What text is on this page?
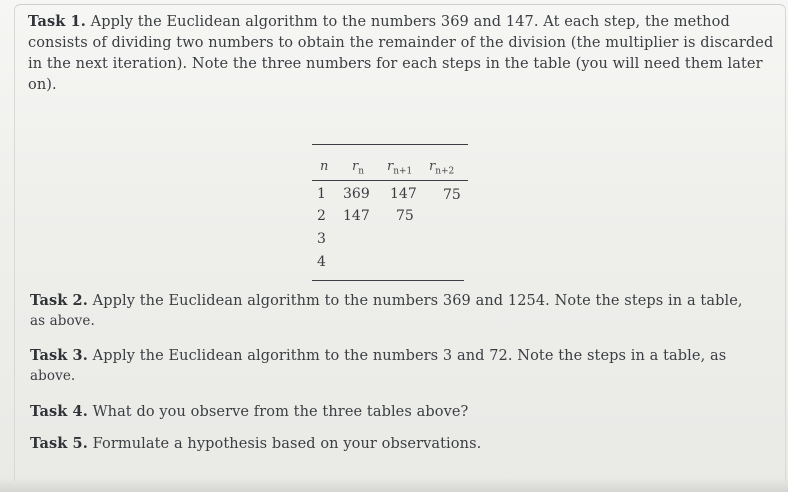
Task 1. Apply the Euclidean algorithm to the numbers 369 and 147. At each step, the method
consists of dividing two numbers to obtain the remainder of the division (the multiplier is discarded
in the next iteration). Note the three numbers for each steps in the table (you will need them later
on).
n $r_n$ $r_{n+1}$ $r_{n+2}$
1 369 147 75
2 147 75
3
4
Task 2. Apply the Euclidean algorithm to the numbers 369 and 1254. Note the steps in a table,
as above.
Task 3. Apply the Euclidean algorithm to the numbers 3 and 72. Note the steps in a table, as
above.
Task 4. What do you observe from the three tables above?
Task 5. Formulate a hypothesis based on your observations.
